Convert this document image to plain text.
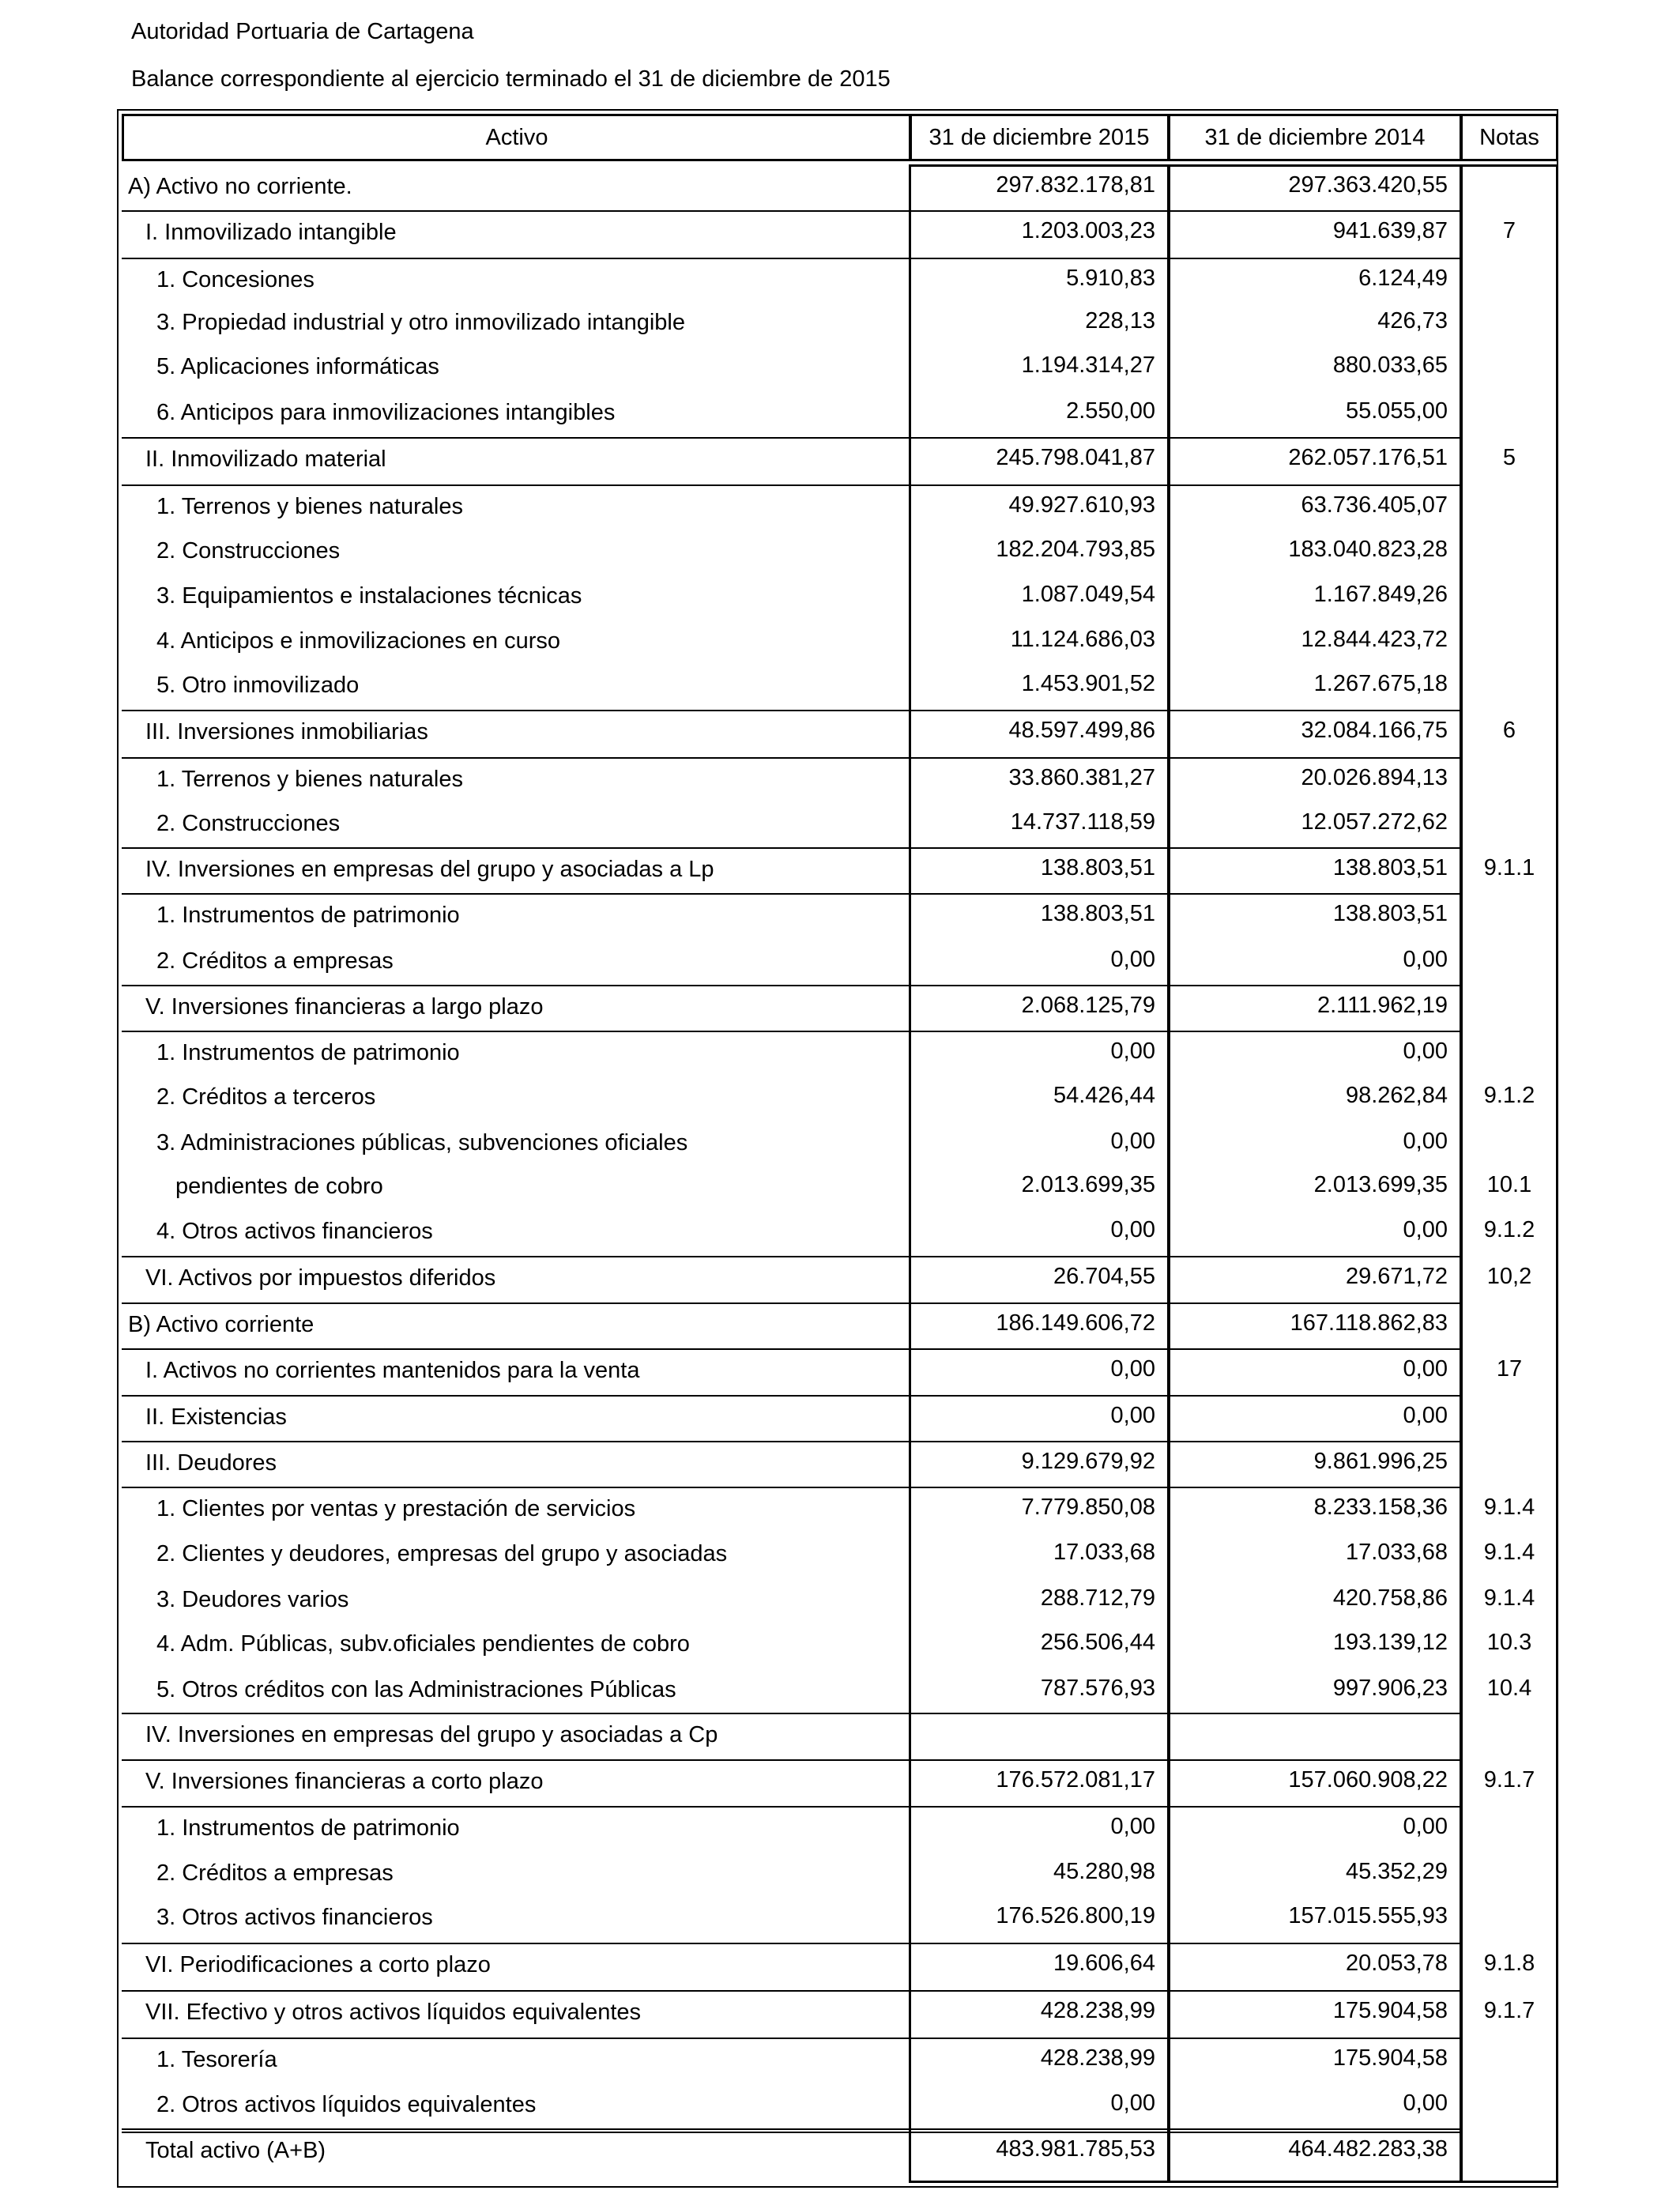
Autoridad Portuaria de Cartagena
Balance correspondiente al ejercicio terminado el 31 de diciembre de 2015
Activo	31 de diciembre 2015	31 de diciembre 2014	Notas
A) Activo no corriente.	297.832.178,81	297.363.420,55
I. Inmovilizado intangible	1.203.003,23	941.639,87	7
1. Concesiones	5.910,83	6.124,49
3. Propiedad industrial y otro inmovilizado intangible	228,13	426,73
5. Aplicaciones informáticas	1.194.314,27	880.033,65
6. Anticipos para inmovilizaciones intangibles	2.550,00	55.055,00
II. Inmovilizado material	245.798.041,87	262.057.176,51	5
1. Terrenos y bienes naturales	49.927.610,93	63.736.405,07
2. Construcciones	182.204.793,85	183.040.823,28
3. Equipamientos e instalaciones técnicas	1.087.049,54	1.167.849,26
4. Anticipos e inmovilizaciones en curso	11.124.686,03	12.844.423,72
5. Otro inmovilizado	1.453.901,52	1.267.675,18
III. Inversiones inmobiliarias	48.597.499,86	32.084.166,75	6
1. Terrenos y bienes naturales	33.860.381,27	20.026.894,13
2. Construcciones	14.737.118,59	12.057.272,62
IV. Inversiones en empresas del grupo y asociadas a Lp	138.803,51	138.803,51	9.1.1
1. Instrumentos de patrimonio	138.803,51	138.803,51
2. Créditos a empresas	0,00	0,00
V. Inversiones financieras a largo plazo	2.068.125,79	2.111.962,19
1. Instrumentos de patrimonio	0,00	0,00
2. Créditos a terceros	54.426,44	98.262,84	9.1.2
3. Administraciones públicas, subvenciones oficiales	0,00	0,00
pendientes de cobro	2.013.699,35	2.013.699,35	10.1
4. Otros activos financieros	0,00	0,00	9.1.2
VI. Activos por impuestos diferidos	26.704,55	29.671,72	10,2
B) Activo corriente	186.149.606,72	167.118.862,83
I. Activos no corrientes mantenidos para la venta	0,00	0,00	17
II. Existencias	0,00	0,00
III. Deudores	9.129.679,92	9.861.996,25
1. Clientes por ventas y prestación de servicios	7.779.850,08	8.233.158,36	9.1.4
2. Clientes y deudores, empresas del grupo y asociadas	17.033,68	17.033,68	9.1.4
3. Deudores varios	288.712,79	420.758,86	9.1.4
4. Adm. Públicas, subv.oficiales pendientes de cobro	256.506,44	193.139,12	10.3
5. Otros créditos con las Administraciones Públicas	787.576,93	997.906,23	10.4
IV. Inversiones en empresas del grupo y asociadas a Cp
V. Inversiones financieras a corto plazo	176.572.081,17	157.060.908,22	9.1.7
1. Instrumentos de patrimonio	0,00	0,00
2. Créditos a empresas	45.280,98	45.352,29
3. Otros activos financieros	176.526.800,19	157.015.555,93
VI. Periodificaciones a corto plazo	19.606,64	20.053,78	9.1.8
VII. Efectivo y otros activos líquidos equivalentes	428.238,99	175.904,58	9.1.7
1. Tesorería	428.238,99	175.904,58
2. Otros activos líquidos equivalentes	0,00	0,00
Total activo (A+B)	483.981.785,53	464.482.283,38
